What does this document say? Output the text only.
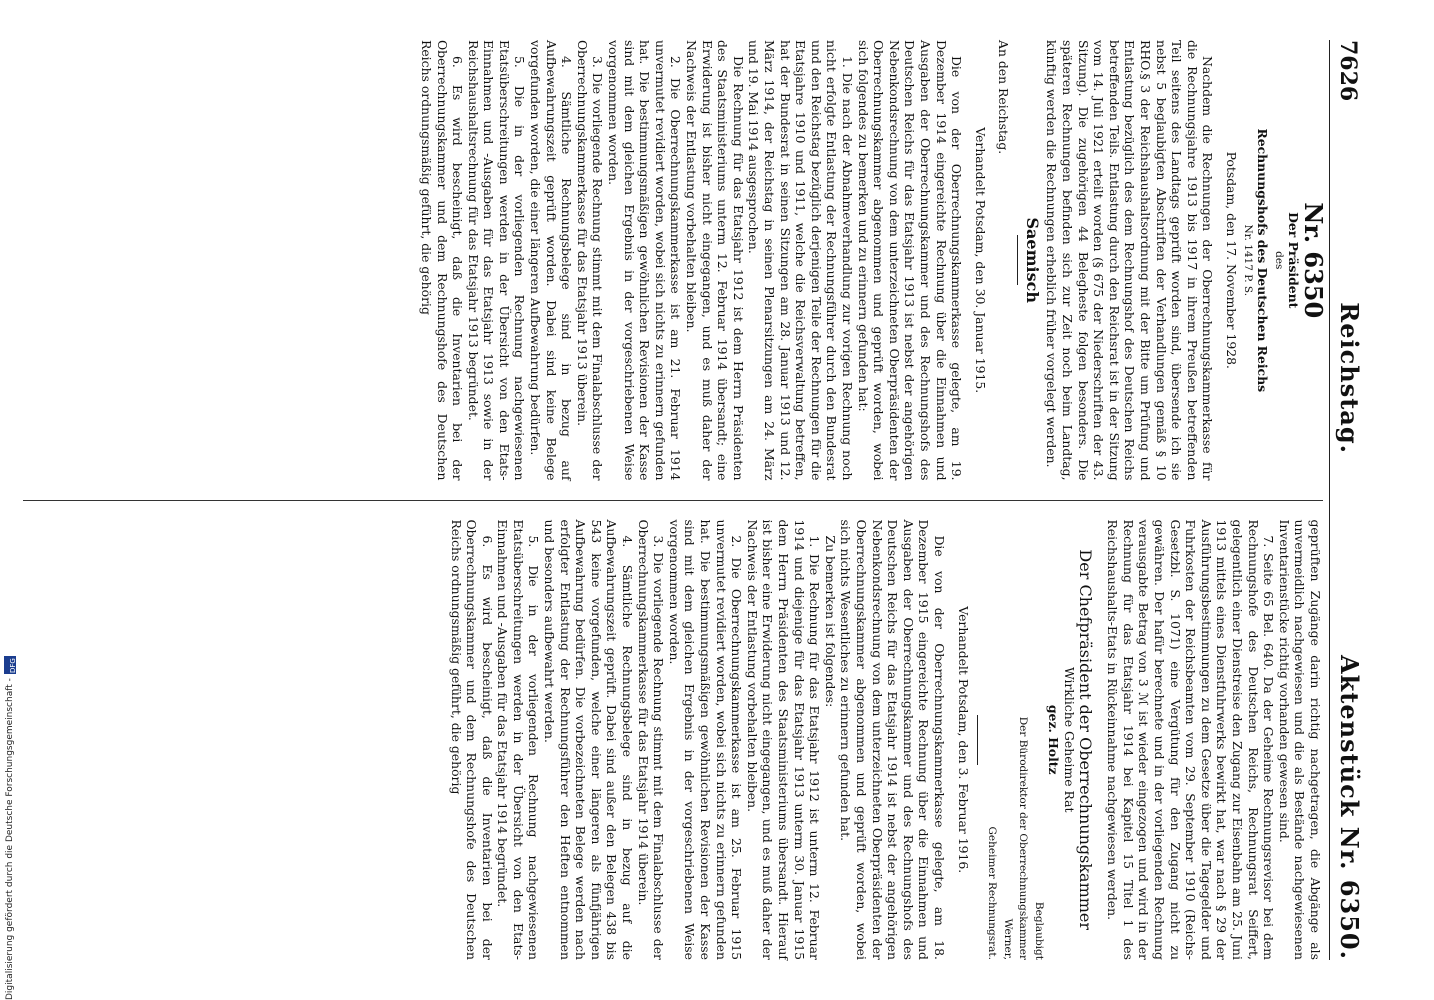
Digitalisierung gefördert durch die Deutsche Forschungsgemeinschaft -
DFG
7626
Reichstag.
Aktenstück Nr. 6350.
Nr. 6350
Der Präsident
des
Rechnungshofs des Deutschen Reichs
Nr. 1417 P. S.
Potsdam, den 17. November 1928.

Nachdem die Rechnungen der Oberrechnungskammerkasse für die Rechnungsjahre 1913 bis 1917 in ihrem Preußen betreffenden Teil seitens des Landtags geprüft worden sind, übersende ich sie nebst 5 beglaubigten Abschriften der Verhandlungen gemäß § 10 RHO.§ 3 der Reichshaushaltsordnung mit der Bitte um Prüfung und Entlastung bezüglich des dem Rechnungshof des Deutschen Reichs betreffenden Teils. Entlastung durch den Reichsrat ist in der Sitzung vom 14. Juli 1921 erteilt worden (§ 675 der Niederschriften der 43. Sitzung). Die zugehörigen 44 Belegheste folgen besonders. Die späteren Rechnungen befinden sich zur Zeit noch beim Landtag, künftig werden die Rechnungen erheblich früher vorgelegt werden.

Saemisch

An den Reichstag.

Verhandelt Potsdam, den 30. Januar 1915.

Die von der Oberrechnungskammerkasse gelegte, am 19. Dezember 1914 eingereichte Rechnung über die Einnahmen und Ausgaben der Oberrechnungskammer und des Rechnungshofs des Deutschen Reichs für das Etatsjahr 1913 ist nebst der angehörigen Nebenkondsrechnung von dem unterzeichneten Oberpräsidenten der Oberrechnungskammer abgenommen und geprüft worden, wobei sich folgendes zu bemerken und zu erinnern gefunden hat:

1. Die nach der Abnahmeverhandlung zur vorigen Rechnung noch nicht erfolgte Entlastung der Rechnungsführer durch den Bundesrat und den Reichstag bezüglich derjenigen Teile der Rechnungen für die Etatsjahre 1910 und 1911, welche die Reichsverwaltung betreffen, hat der Bundesrat in seinen Sitzungen am 28. Januar 1913 und 12. März 1914, der Reichstag in seinen Plenarsitzungen am 24. März und 19. Mai 1914 ausgesprochen.

Die Rechnung für das Etatsjahr 1912 ist dem Herrn Präsidenten des Staatsministeriums unterm 12. Februar 1914 übersandt; eine Erwiderung ist bisher nicht eingegangen, und es muß daher der Nachweis der Entlastung vorbehalten bleiben.

2. Die Oberrechnungskammerkasse ist am 21. Februar 1914 unvermutet revidiert worden, wobei sich nichts zu erinnern gefunden hat. Die bestimmungsmäßigen gewöhnlichen Revisionen der Kasse sind mit dem gleichen Ergebnis in der vorgeschriebenen Weise vorgenommen worden.

3. Die vorliegende Rechnung stimmt mit dem Finalabschlusse der Oberrechnungskammerkasse für das Etatsjahr 1913 überein.

4. Sämtliche Rechnungsbelege sind in bezug auf Aufbewahrungszeit geprüft worden. Dabei sind keine Belege vorgefunden worden, die einer längeren Aufbewahrung bedürfen.

5. Die in der vorliegenden Rechnung nachgewiesenen Etatsüberschreitungen werden in der Übersicht von den Etats-Einnahmen und -Ausgaben für das Etatsjahr 1913 sowie in der Reichshaushaltsrechnung für das Etatsjahr 1913 begründet.

6. Es wird bescheinigt, daß die Inventarien bei der Oberrechnungskammer und dem Rechnungshofe des Deutschen Reichs ordnungsmäßig geführt, die gehörig

geprüften Zugänge darin richtig nachgetragen, die Abgänge als unvermeidlich nachgewiesen und die als Bestände nachgewiesenen Inventarienstücke richtig vorhanden gewesen sind.

7. Seite 65 Bel. 640. Da der Geheime Rechnungsrevisor bei dem Rechnungshofe des Deutschen Reichs, Rechnungsrat Seiffert, gelegentlich einer Dienstreise den Zugang zur Eisenbahn am 25. Juni 1913 mittels eines Dienstfuhrwerks bewirkt hat, war nach § 29 der Ausführungsbestimmungen zu dem Gesetze über die Tagegelder und Fuhrkosten der Reichsbeamten vom 29. September 1910 (Reichs-Gesetzbl. S. 1071) eine Vergütung für den Zugang nicht zu gewähren. Der hafür berechnete und in der vorliegenden Rechnung verausgabte Betrag von 3 ℳ ist wieder eingezogen und wird in der Rechnung für das Etatsjahr 1914 bei Kapitel 15 Titel 1 des Reichshaushalts-Etats in Rückeinnahme nachgewiesen werden.

Der Chefpräsident der Oberrechnungskammer
Wirkliche Geheime Rat
gez. Holtz
Beglaubigt
Der Bürodirektor der Oberrechnungskammer
Werner,
Geheimer Rechnungsrat.
Verhandelt Potsdam, den 3. Februar 1916.

Die von der Oberrechnungskammerkasse gelegte, am 18. Dezember 1915 eingereichte Rechnung über die Einnahmen und Ausgaben der Oberrechnungskammer und des Rechnungshofs des Deutschen Reichs für das Etatsjahr 1914 ist nebst der angehörigen Nebenkondsrechnung von dem unterzeichneten Oberpräsidenten der Oberrechnungskammer abgenommen und geprüft worden, wobei sich nichts Wesentliches zu erinnern gefunden hat.

Zu bemerken ist folgendes:

1. Die Rechnung für das Etatsjahr 1912 ist unterm 12. Februar 1914 und diejenige für das Etatsjahr 1913 unterm 30. Januar 1915 dem Herrn Präsidenten des Staatsministeriums übersandt. Hierauf ist bisher eine Erwiderung nicht eingegangen, und es muß daher der Nachweis der Entlastung vorbehalten bleiben.

2. Die Oberrechnungskammerkasse ist am 25. Februar 1915 unvermutet revidiert worden, wobei sich nichts zu erinnern gefunden hat. Die bestimmungsmäßigen gewöhnlichen Revisionen der Kasse sind mit dem gleichen Ergebnis in der vorgeschriebenen Weise vorgenommen worden.

3. Die vorliegende Rechnung stimmt mit dem Finalabschlusse der Oberrechnungskammerkasse für das Etatsjahr 1914 überein.

4. Sämtliche Rechnungsbelege sind in bezug auf die Aufbewahrungszeit geprüft. Dabei sind außer den Belegen 438 bis 543 keine vorgefunden, welche einer längeren als fünfjährigen Aufbewahrung bedürfen. Die vorbezeichneten Belege werden nach erfolgter Entlastung der Rechnungsführer den Heften entnommen und besonders aufbewahrt werden.

5. Die in der vorliegenden Rechnung nachgewiesenen Etatsüberschreitungen werden in der Übersicht von den Etats-Einnahmen und -Ausgaben für das Etatsjahr 1914 begründet.

6. Es wird bescheinigt, daß die Inventarien bei der Oberrechnungskammer und dem Rechnungshofe des Deutschen Reichs ordnungsmäßig geführt, die gehörig
